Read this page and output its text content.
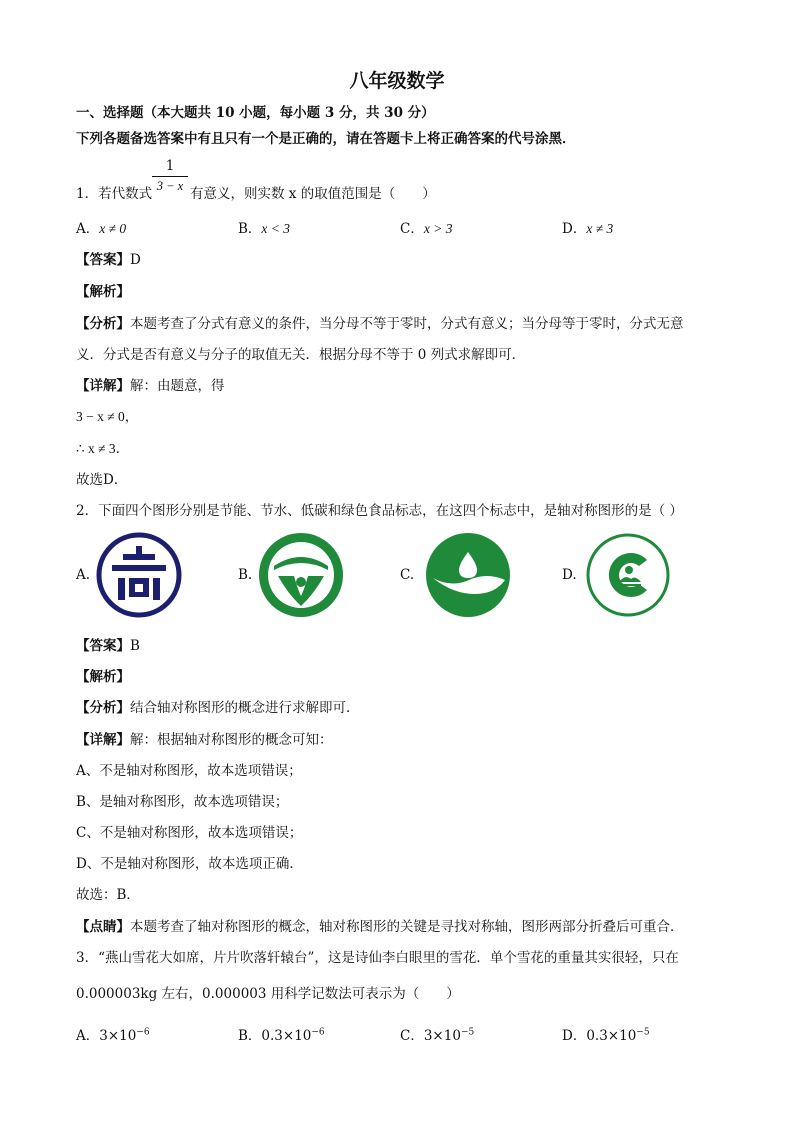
八年级数学
一、选择题（本大题共 10 小题，每小题 3 分，共 30 分）
下列各题备选答案中有且只有一个是正确的，请在答题卡上将正确答案的代号涂黑．
1．若代数式
1
3 − x 有意义，则实数 x 的取值范围是（　　）
A．x ≠ 0	B．x < 3	C．x > 3	D．x ≠ 3
【答案】D
【解析】
【分析】本题考查了分式有意义的条件，当分母不等于零时，分式有意义；当分母等于零时，分式无意
义．分式是否有意义与分子的取值无关．根据分母不等于 0 列式求解即可．
【详解】解：由题意，得
3 − x ≠ 0，
∴ x ≠ 3．
故选D．
2．下面四个图形分别是节能、节水、低碳和绿色食品标志，在这四个标志中，是轴对称图形的是（ ）
A.	B.	C.	D.
【答案】B
【解析】
【分析】结合轴对称图形的概念进行求解即可．
【详解】解：根据轴对称图形的概念可知：
A、不是轴对称图形，故本选项错误；
B、是轴对称图形，故本选项错误；
C、不是轴对称图形，故本选项错误；
D、不是轴对称图形，故本选项正确．
故选：B．
【点睛】本题考查了轴对称图形的概念，轴对称图形的关键是寻找对称轴，图形两部分折叠后可重合．
3．“燕山雪花大如席，片片吹落轩辕台”，这是诗仙李白眼里的雪花．单个雪花的重量其实很轻，只在
0.000003kg 左右，0.000003 用科学记数法可表示为（　　）
A．$3\times 10^{-6}$	B．$0.3\times 10^{-6}$	C．$3\times 10^{-5}$	D．$0.3\times 10^{-5}$
